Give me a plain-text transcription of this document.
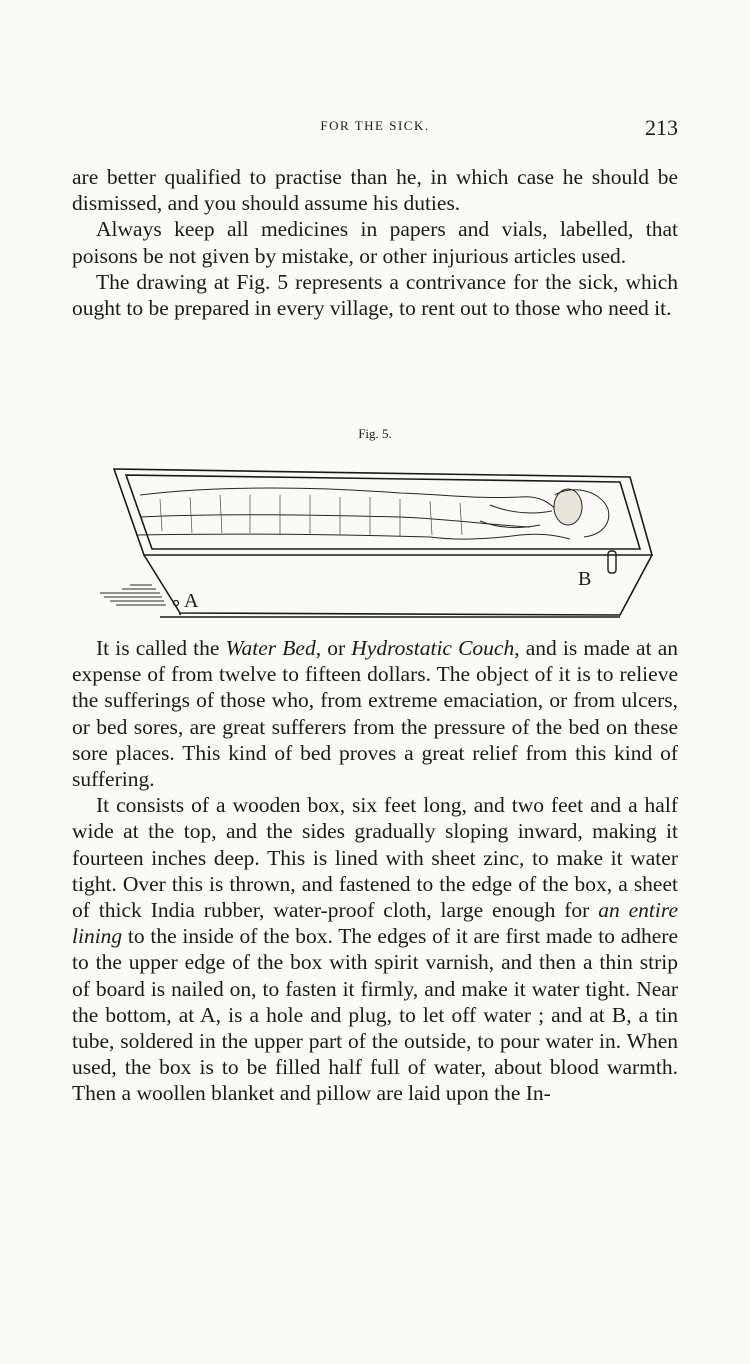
FOR THE SICK.	213

are better qualified to practise than he, in which case he should be dismissed, and you should assume his duties.

Always keep all medicines in papers and vials, labelled, that poisons be not given by mistake, or other injurious articles used.

The drawing at Fig. 5 represents a contrivance for the sick, which ought to be prepared in every village, to rent out to those who need it.

Fig. 5.
A
B

It is called the Water Bed, or Hydrostatic Couch, and is made at an expense of from twelve to fifteen dollars. The object of it is to relieve the sufferings of those who, from extreme emaciation, or from ulcers, or bed sores, are great sufferers from the pressure of the bed on these sore places. This kind of bed proves a great relief from this kind of suffering.

It consists of a wooden box, six feet long, and two feet and a half wide at the top, and the sides gradually sloping inward, making it fourteen inches deep. This is lined with sheet zinc, to make it water tight. Over this is thrown, and fastened to the edge of the box, a sheet of thick India rubber, water-proof cloth, large enough for an entire lining to the inside of the box. The edges of it are first made to adhere to the upper edge of the box with spirit varnish, and then a thin strip of board is nailed on, to fasten it firmly, and make it water tight. Near the bottom, at A, is a hole and plug, to let off water ; and at B, a tin tube, soldered in the upper part of the outside, to pour water in. When used, the box is to be filled half full of water, about blood warmth. Then a woollen blanket and pillow are laid upon the In-
